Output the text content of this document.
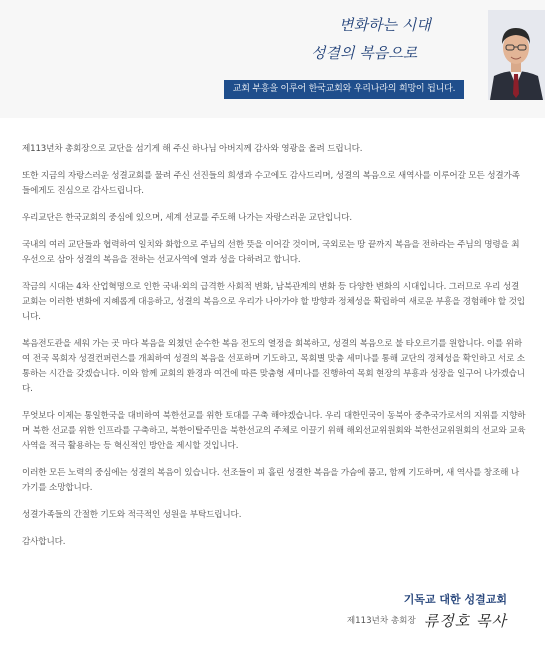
변화하는 시대
성결의 복음으로
교회 부흥을 이루어 한국교회와 우리나라의 희망이 됩니다.

제113년차 총회장으로 교단을 섬기게 해 주신 하나님 아버지께 감사와 영광을 올려 드립니다.

또한 지금의 자랑스러운 성결교회를 물려 주신 선진들의 희생과 수고에도 감사드리며, 성결의 복음으로 새역사를 이루어갈 모든 성결가족들에게도 진심으로 감사드립니다.

우리교단은 한국교회의 중심에 있으며, 세계 선교를 주도해 나가는 자랑스러운 교단입니다.

국내의 여러 교단들과 협력하여 일치와 화합으로 주님의 선한 뜻을 이어갈 것이며, 국외로는 땅 끝까지 복음을 전하라는 주님의 명령을 최우선으로 삼아 성결의 복음을 전하는 선교사역에 열과 성을 다하려고 합니다.

작금의 시대는 4차 산업혁명으로 인한 국내·외의 급격한 사회적 변화, 남북관계의 변화 등 다양한 변화의 시대입니다. 그러므로 우리 성결교회는 이러한 변화에 지혜롭게 대응하고, 성결의 복음으로 우리가 나아가야 할 방향과 정체성을 확립하여 새로운 부흥을 경험해야 할 것입니다.

복음전도관을 세워 가는 곳 마다 복음을 외쳤던 순수한 복음 전도의 열정을 회복하고, 성결의 복음으로 불 타오르기를 원합니다. 이를 위하여 전국 목회자 성결컨퍼런스를 개최하여 성결의 복음을 선포하며 기도하고, 목회별 맞춤 세미나를 통해 교단의 경체성을 확인하고 서로 소통하는 시간을 갖겠습니다. 이와 함께 교회의 환경과 여건에 따른 맞춤형 세미나를 진행하여 목회 현장의 부흥과 성장을 일구어 나가겠습니다.

무엇보다 이제는 통일한국을 대비하여 북한선교를 위한 토대를 구축 해야겠습니다. 우리 대한민국이 동북아 중추국가로서의 지위를 지향하며 북한 선교를 위한 인프라를 구축하고, 북한이탈주민을 북한선교의 주체로 이끌기 위해 해외선교위원회와 북한선교위원회의 선교와 교육사역을 적극 활용하는 등 혁신적인 방안을 제시할 것입니다.

이러한 모든 노력의 중심에는 성결의 복음이 있습니다. 선조들이 피 흘린 성결한 복음을 가슴에 품고, 함께 기도하며, 새 역사를 창조해 나가기를 소망합니다.

성결가족들의 간절한 기도와 적극적인 성원을 부탁드립니다.

감사합니다.

기독교 대한 성결교회
제113년차 총회장 류정호 목사
